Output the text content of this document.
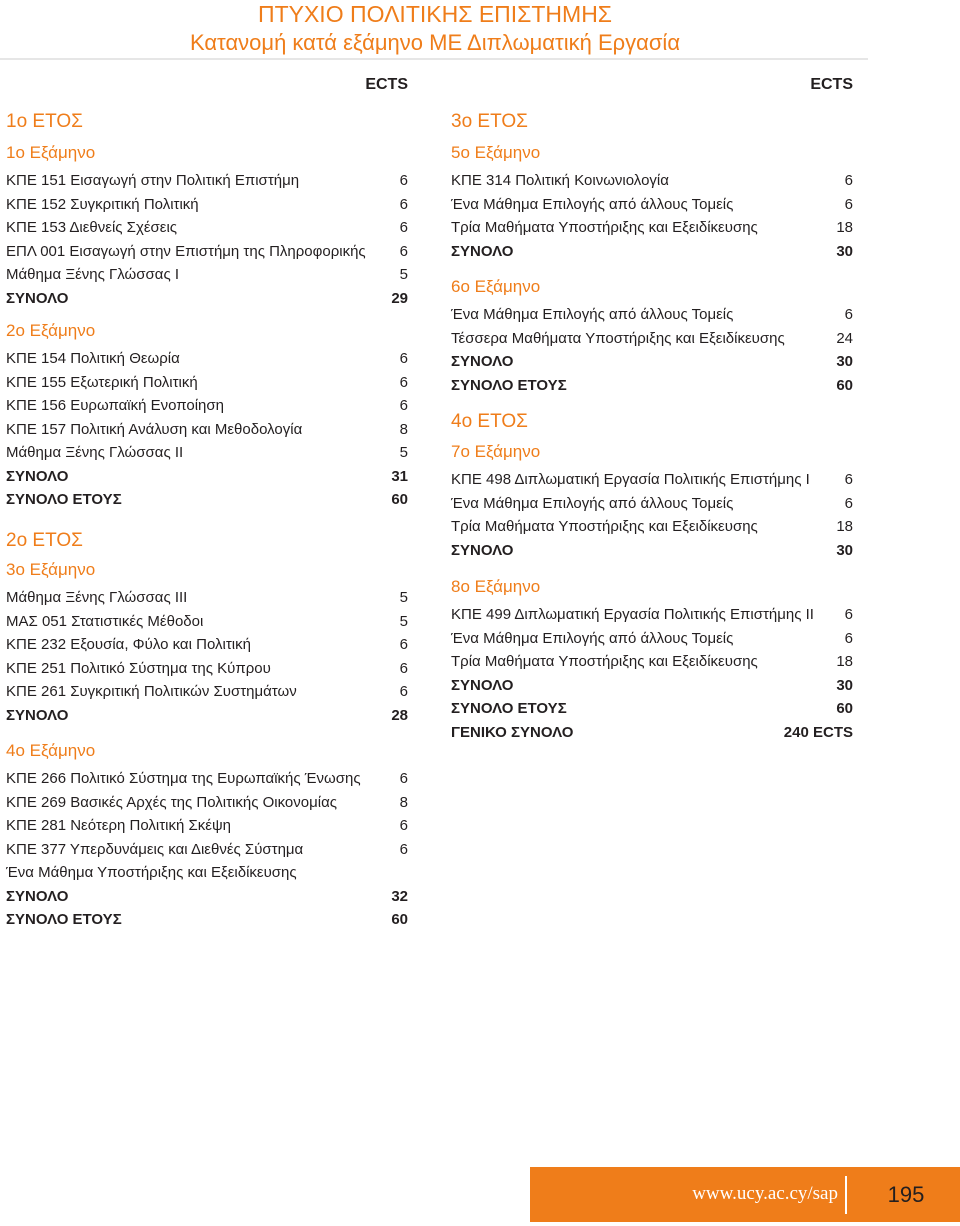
ΠΤΥΧΙΟ ΠΟΛΙΤΙΚΗΣ ΕΠΙΣΤΗΜΗΣ
Κατανομή κατά εξάμηνο ΜΕ Διπλωματική Εργασία
ECTS
1ο ΕΤΟΣ
1ο Εξάμηνο
ΚΠΕ 151 Εισαγωγή στην Πολιτική Επιστήμη	6
ΚΠΕ 152 Συγκριτική Πολιτική	6
ΚΠΕ 153 Διεθνείς Σχέσεις	6
ΕΠΛ 001 Εισαγωγή στην Επιστήμη της Πληροφορικής 6
Μάθημα Ξένης Γλώσσας Ι	5
ΣΥΝΟΛΟ	29
2ο Εξάμηνο
ΚΠΕ 154 Πολιτική Θεωρία	6
ΚΠΕ 155 Εξωτερική Πολιτική	6
ΚΠΕ 156 Ευρωπαϊκή Ενοποίηση	6
ΚΠΕ 157 Πολιτική Ανάλυση και Μεθοδολογία	8
Μάθημα Ξένης Γλώσσας ΙΙ	5
ΣΥΝΟΛΟ	31
ΣΥΝΟΛΟ ΕΤΟΥΣ	60
2ο ΕΤΟΣ
3ο Εξάμηνο
Μάθημα Ξένης Γλώσσας ΙΙΙ	5
ΜΑΣ 051 Στατιστικές Μέθοδοι	5
ΚΠΕ 232 Εξουσία, Φύλο και Πολιτική	6
ΚΠΕ 251 Πολιτικό Σύστημα της Κύπρου	6
ΚΠΕ 261 Συγκριτική Πολιτικών Συστημάτων	6
ΣΥΝΟΛΟ	28
4ο Εξάμηνο
ΚΠΕ 266 Πολιτικό Σύστημα της Ευρωπαϊκής Ένωσης	6
ΚΠΕ 269 Βασικές Αρχές της Πολιτικής Οικονομίας	8
ΚΠΕ 281 Νεότερη Πολιτική Σκέψη	6
ΚΠΕ 377 Υπερδυνάμεις και Διεθνές Σύστημα	6
Ένα Μάθημα Υποστήριξης και Εξειδίκευσης
ΣΥΝΟΛΟ	32
ΣΥΝΟΛΟ ΕΤΟΥΣ	60
ECTS
3ο ΕΤΟΣ
5ο Εξάμηνο
ΚΠΕ 314 Πολιτική Κοινωνιολογία	6
Ένα Μάθημα Επιλογής από άλλους Τομείς	6
Τρία Μαθήματα Υποστήριξης και Εξειδίκευσης	18
ΣΥΝΟΛΟ	30
6ο Εξάμηνο
Ένα Μάθημα Επιλογής από άλλους Τομείς	6
Τέσσερα Μαθήματα Υποστήριξης και Εξειδίκευσης	24
ΣΥΝΟΛΟ	30
ΣΥΝΟΛΟ ΕΤΟΥΣ	60
4ο ΕΤΟΣ
7ο Εξάμηνο
ΚΠΕ 498 Διπλωματική Εργασία Πολιτικής Επιστήμης Ι 6
Ένα Μάθημα Επιλογής από άλλους Τομείς	6
Τρία Μαθήματα Υποστήριξης και Εξειδίκευσης	18
ΣΥΝΟΛΟ	30
8ο Εξάμηνο
ΚΠΕ 499 Διπλωματική Εργασία Πολιτικής Επιστήμης ΙΙ 6
Ένα Μάθημα Επιλογής από άλλους Τομείς	6
Τρία Μαθήματα Υποστήριξης και Εξειδίκευσης	18
ΣΥΝΟΛΟ	30
ΣΥΝΟΛΟ ΕΤΟΥΣ	60
ΓΕΝΙΚΟ ΣΥΝΟΛΟ	240 ECTS
www.ucy.ac.cy/sap	195
